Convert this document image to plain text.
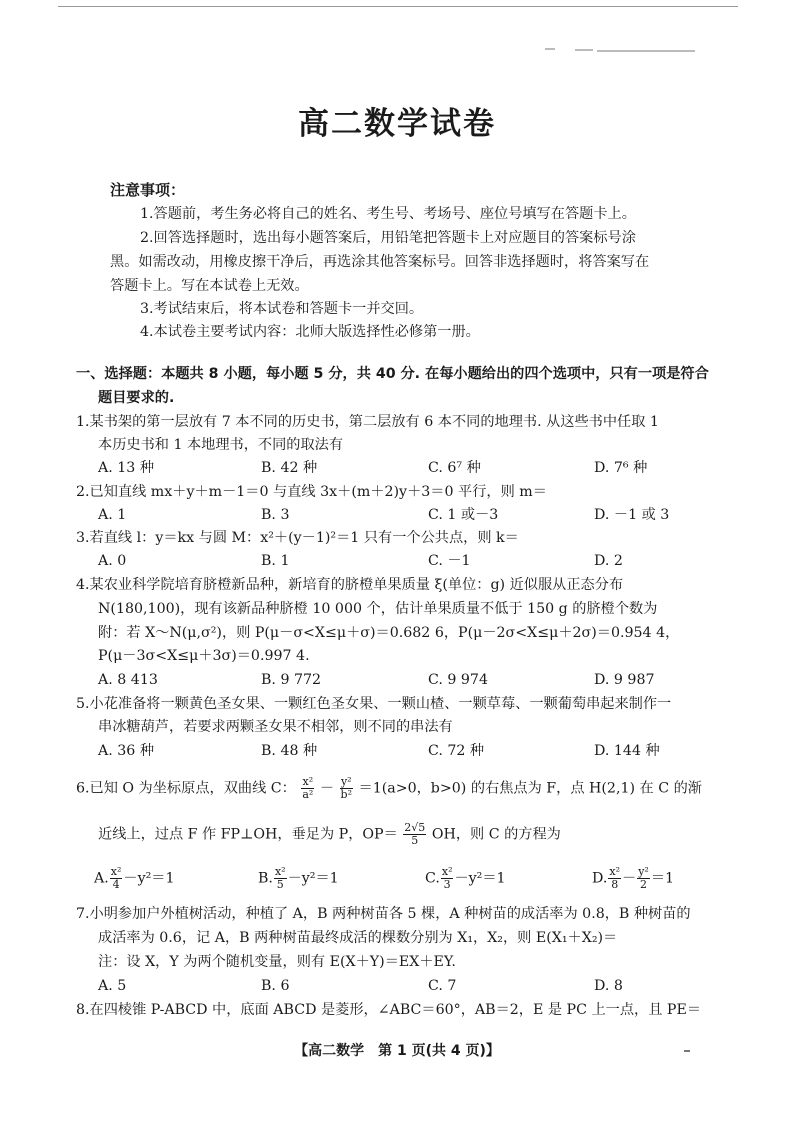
高二数学试卷
注意事项：
1.答题前，考生务必将自己的姓名、考生号、考场号、座位号填写在答题卡上。
2.回答选择题时，选出每小题答案后，用铅笔把答题卡上对应题目的答案标号涂
黑。如需改动，用橡皮擦干净后，再选涂其他答案标号。回答非选择题时，将答案写在
答题卡上。写在本试卷上无效。
3.考试结束后，将本试卷和答题卡一并交回。
4.本试卷主要考试内容：北师大版选择性必修第一册。
一、选择题：本题共 8 小题，每小题 5 分，共 40 分. 在每小题给出的四个选项中，只有一项是符合
题目要求的.
1.某书架的第一层放有 7 本不同的历史书，第二层放有 6 本不同的地理书. 从这些书中任取 1
本历史书和 1 本地理书，不同的取法有
A. 13 种	B. 42 种	C. 6⁷ 种	D. 7⁶ 种
2.已知直线 mx＋y＋m－1＝0 与直线 3x＋(m＋2)y＋3＝0 平行，则 m＝
A. 1	B. 3	C. 1 或－3	D. －1 或 3
3.若直线 l：y＝kx 与圆 M：x²＋(y－1)²＝1 只有一个公共点，则 k＝
A. 0	B. 1	C. －1	D. 2
4.某农业科学院培育脐橙新品种，新培育的脐橙单果质量 ξ(单位：g) 近似服从正态分布
N(180,100)，现有该新品种脐橙 10 000 个，估计单果质量不低于 150 g 的脐橙个数为
附：若 X～N(μ,σ²)，则 P(μ－σ<X≤μ＋σ)＝0.682 6，P(μ－2σ<X≤μ＋2σ)＝0.954 4，
P(μ－3σ<X≤μ＋3σ)＝0.997 4.
A. 8 413	B. 9 772	C. 9 974	D. 9 987
5.小花准备将一颗黄色圣女果、一颗红色圣女果、一颗山楂、一颗草莓、一颗葡萄串起来制作一
串冰糖葫芦，若要求两颗圣女果不相邻，则不同的串法有
A. 36 种	B. 48 种	C. 72 种	D. 144 种
6.已知 O 为坐标原点，双曲线 C： $\frac{\text{x²}}{\text{a²}} - \frac{\text{y²}}{\text{b²}} =1(a>0$，b>0) 的右焦点为 F，点 H(2,1) 在 C 的渐
近线上，过点 F 作 FP⊥OH，垂足为 P，$OP= \frac{2√5}{5}$ OH，则 C 的方程为
A. $\frac{\text{x²}}{4} -y^2=1$	B. $\frac{\text{x²}}{5} -y^2=1$	C. $\frac{\text{x²}}{3} -y^2=1$	D. $\frac{\text{x²}}{8} - \frac{\text{y²}}{2} =1$
7.小明参加户外植树活动，种植了 A，B 两种树苗各 5 棵，A 种树苗的成活率为 0.8，B 种树苗的
成活率为 0.6，记 A，B 两种树苗最终成活的棵数分别为 X₁，X₂，则 E(X₁＋X₂)＝
注：设 X，Y 为两个随机变量，则有 E(X＋Y)＝EX＋EY.
A. 5	B. 6	C. 7	D. 8
8.在四棱锥 P-ABCD 中，底面 ABCD 是菱形，∠ABC＝60°，AB＝2，E 是 PC 上一点，且 PE＝
【高二数学　第 1 页(共 4 页)】
